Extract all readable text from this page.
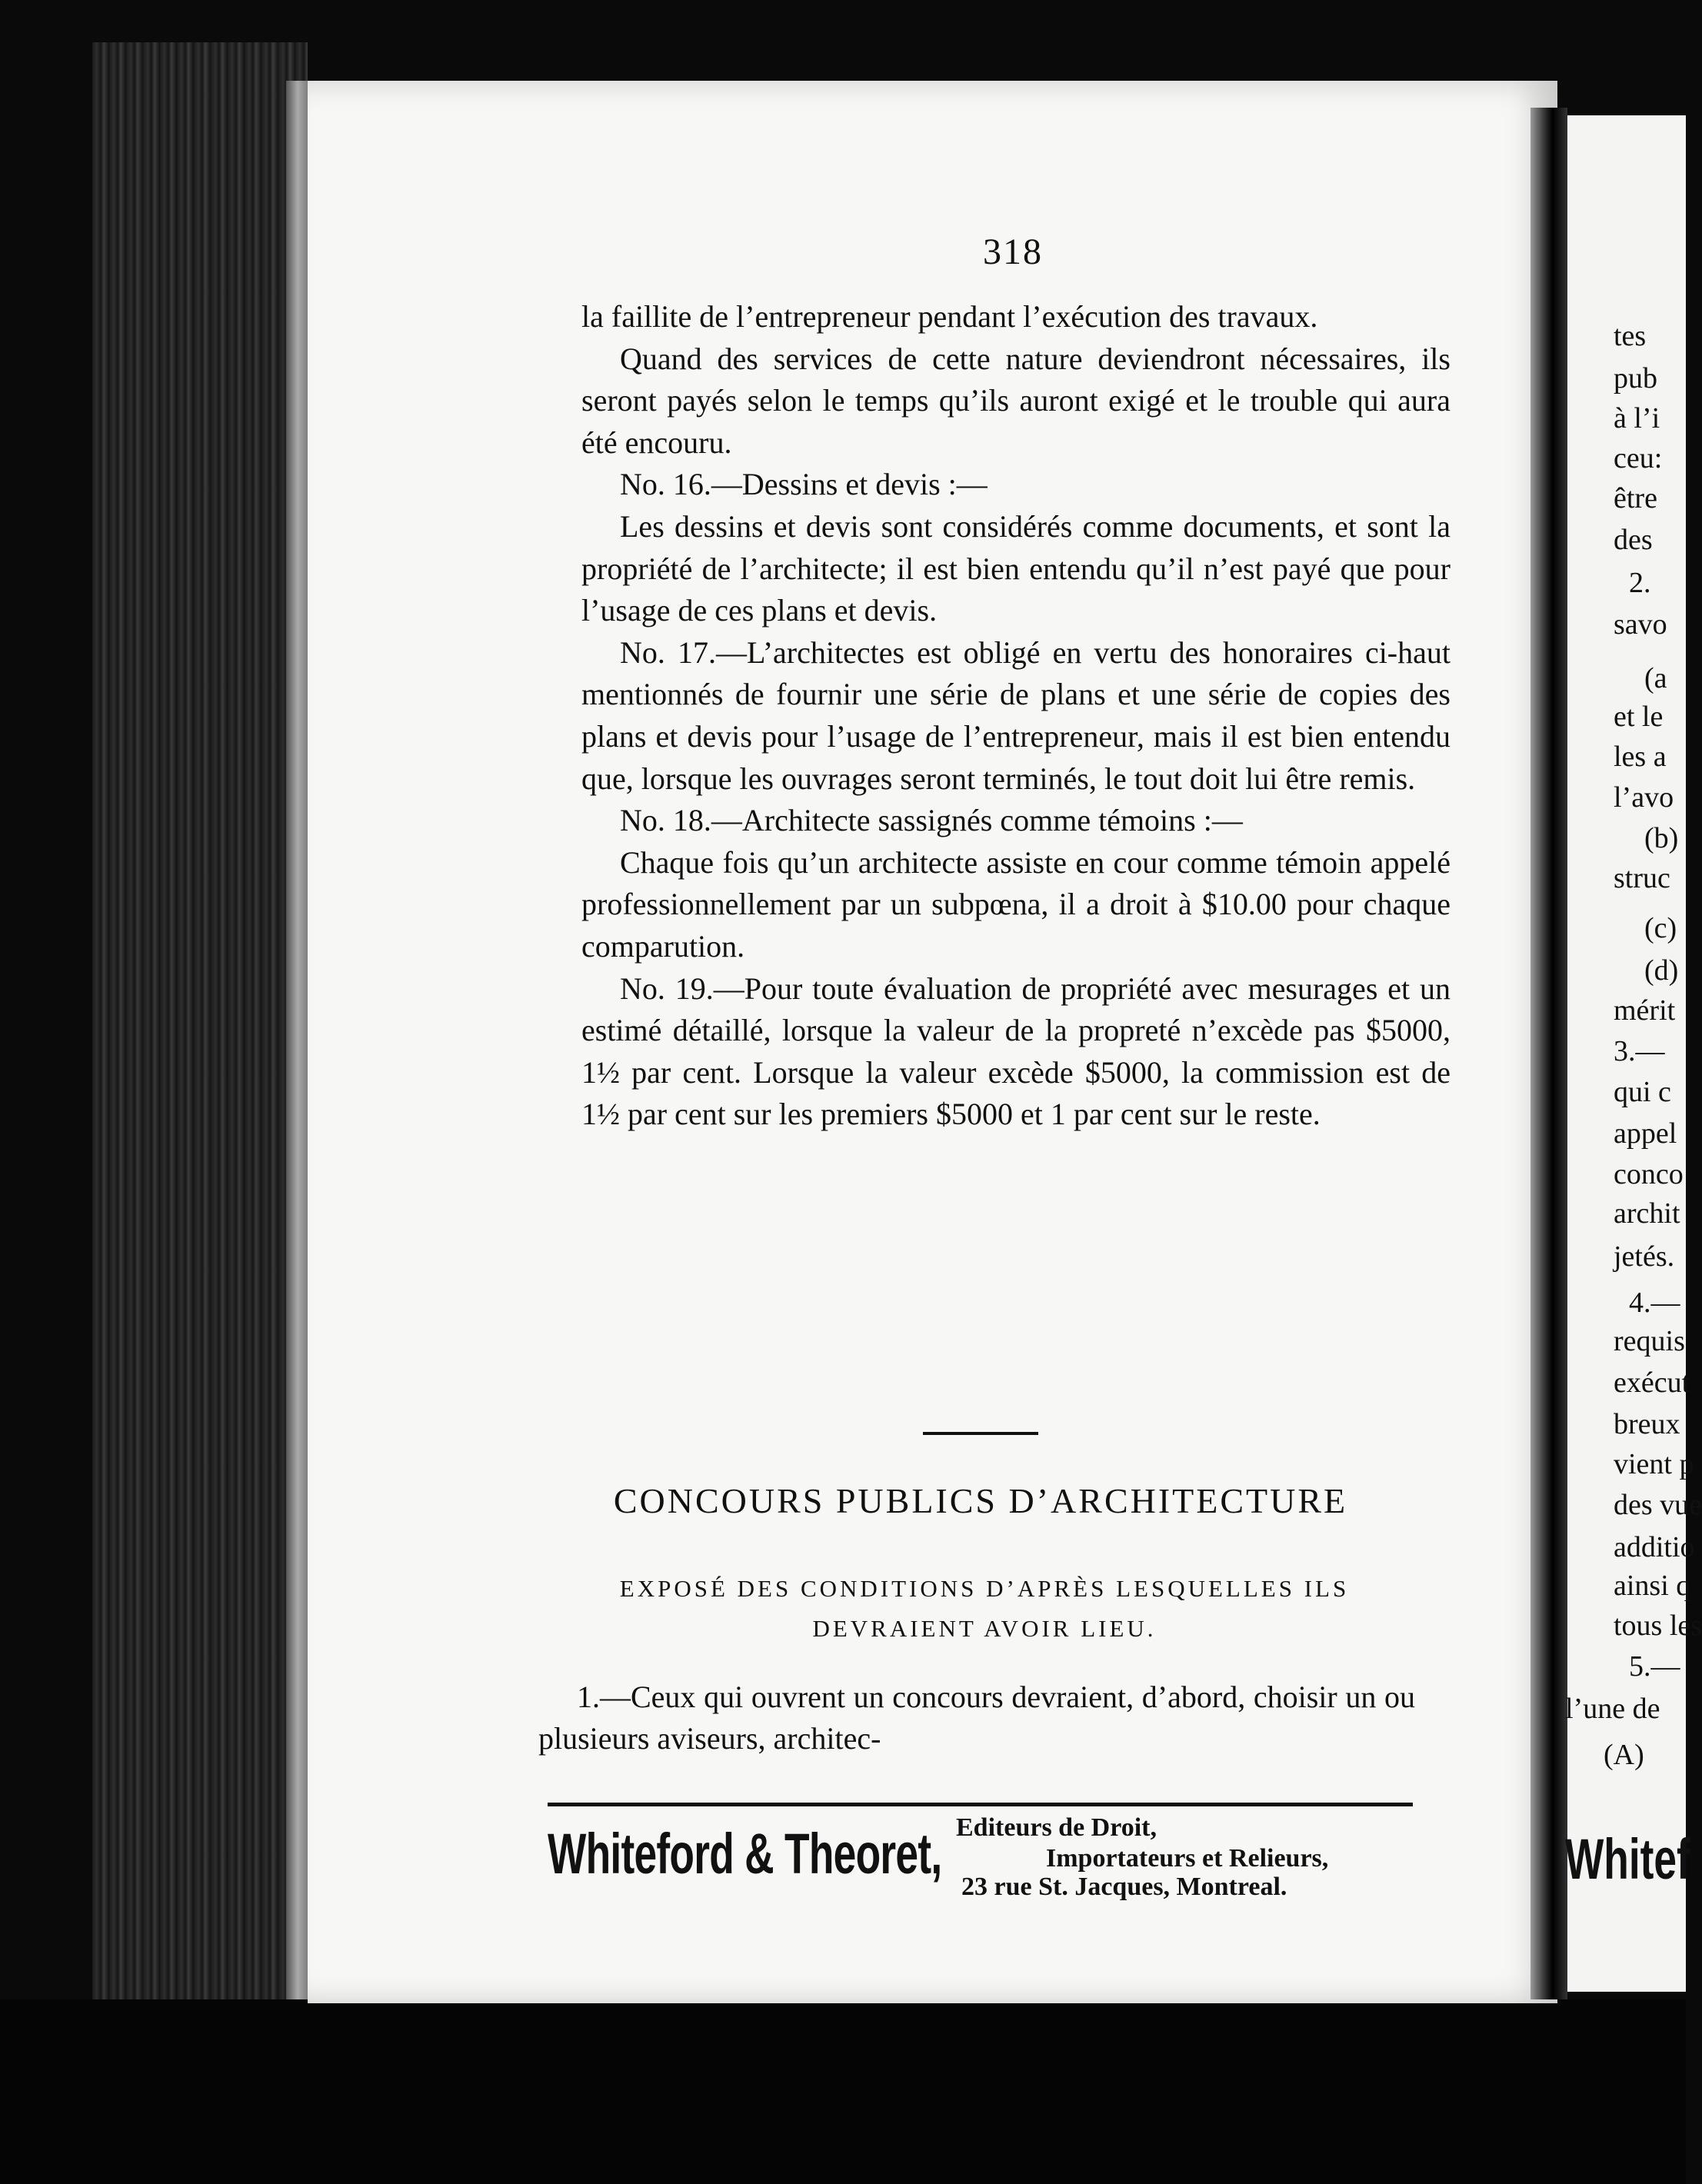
318

la faillite de l’entrepreneur pendant l’exécution des travaux.

Quand des services de cette nature deviendront nécessaires, ils seront payés selon le temps qu’ils auront exigé et le trouble qui aura été encouru.

No. 16.—Dessins et devis :—

Les dessins et devis sont considérés comme documents, et sont la propriété de l’architecte; il est bien entendu qu’il n’est payé que pour l’usage de ces plans et devis.

No. 17.—L’architectes est obligé en vertu des honoraires ci-haut mentionnés de fournir une série de plans et une série de copies des plans et devis pour l’usage de l’entrepreneur, mais il est bien entendu que, lorsque les ouvrages seront terminés, le tout doit lui être remis.

No. 18.—Architecte sassignés comme témoins :—

Chaque fois qu’un architecte assiste en cour comme témoin appelé professionnellement par un subpœna, il a droit à $10.00 pour chaque comparution.

No. 19.—Pour toute évaluation de propriété avec mesurages et un estimé détaillé, lorsque la valeur de la propreté n’excède pas $5000, 1½ par cent. Lorsque la valeur excède $5000, la commission est de 1½ par cent sur les premiers $5000 et 1 par cent sur le reste.

CONCOURS PUBLICS D’ARCHITECTURE
EXPOSÉ DES CONDITIONS D’APRÈS LESQUELLES ILS DEVRAIENT AVOIR LIEU.

1.—Ceux qui ouvrent un concours devraient, d’abord, choisir un ou plusieurs aviseurs, architec-

Whiteford & Theoret, Editeurs de Droit,
Importateurs et Relieurs,
23 rue St. Jacques, Montreal.
tes
pub
à l’i
ceu:
être
des
2.
savo
(a
et le
les a
l’avo
(b)
struc
(c)
(d)
mérit
3.—
qui c
appel
conco
archit
jetés.
4.—
requis
exécut
breux
vient p
des vue
additio
ainsi q
tous les
5.—
l’une de
(A)
Whitef
